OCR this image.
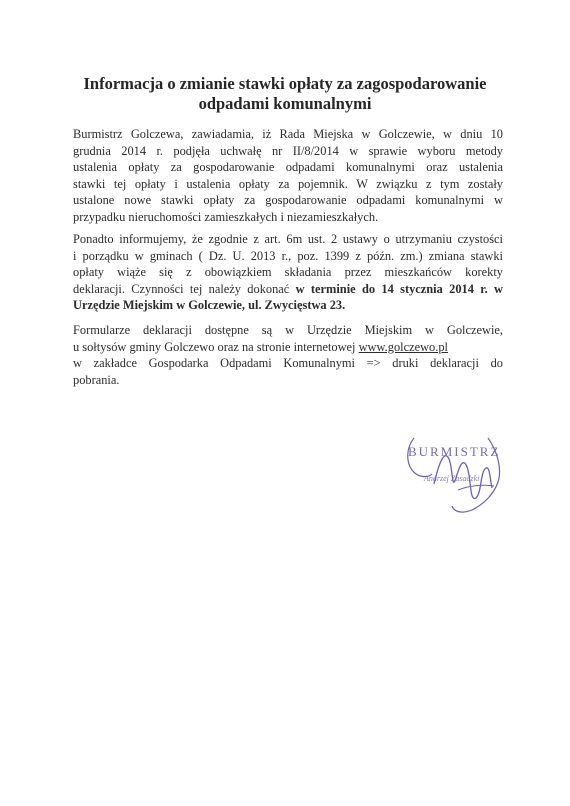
Informacja o zmianie stawki opłaty za zagospodarowanie
odpadami komunalnymi
Burmistrz Golczewa, zawiadamia, iż Rada Miejska w Golczewie, w dniu 10
grudnia 2014 r. podjęła uchwałę nr II/8/2014 w sprawie wyboru metody
ustalenia opłaty za gospodarowanie odpadami komunalnymi oraz ustalenia
stawki tej opłaty i ustalenia opłaty za pojemnik. W związku z tym zostały
ustalone nowe stawki opłaty za gospodarowanie odpadami komunalnymi w
przypadku nieruchomości zamieszkałych i niezamieszkałych.
Ponadto informujemy, że zgodnie z art. 6m ust. 2 ustawy o utrzymaniu czystości
i porządku w gminach ( Dz. U. 2013 r., poz. 1399 z późn. zm.) zmiana stawki
opłaty wiąże się z obowiązkiem składania przez mieszkańców korekty
deklaracji. Czynności tej należy dokonać w terminie do 14 stycznia 2014 r. w
Urzędzie Miejskim w Golczewie, ul. Zwycięstwa 23.
Formularze deklaracji dostępne są w Urzędzie Miejskim w Golczewie,
u sołtysów gminy Golczewo oraz na stronie internetowej www.golczewo.pl
w zakładce Gospodarka Odpadami Komunalnymi => druki deklaracji do
pobrania.
BURMISTRZ
Andrzej Zasadzki
